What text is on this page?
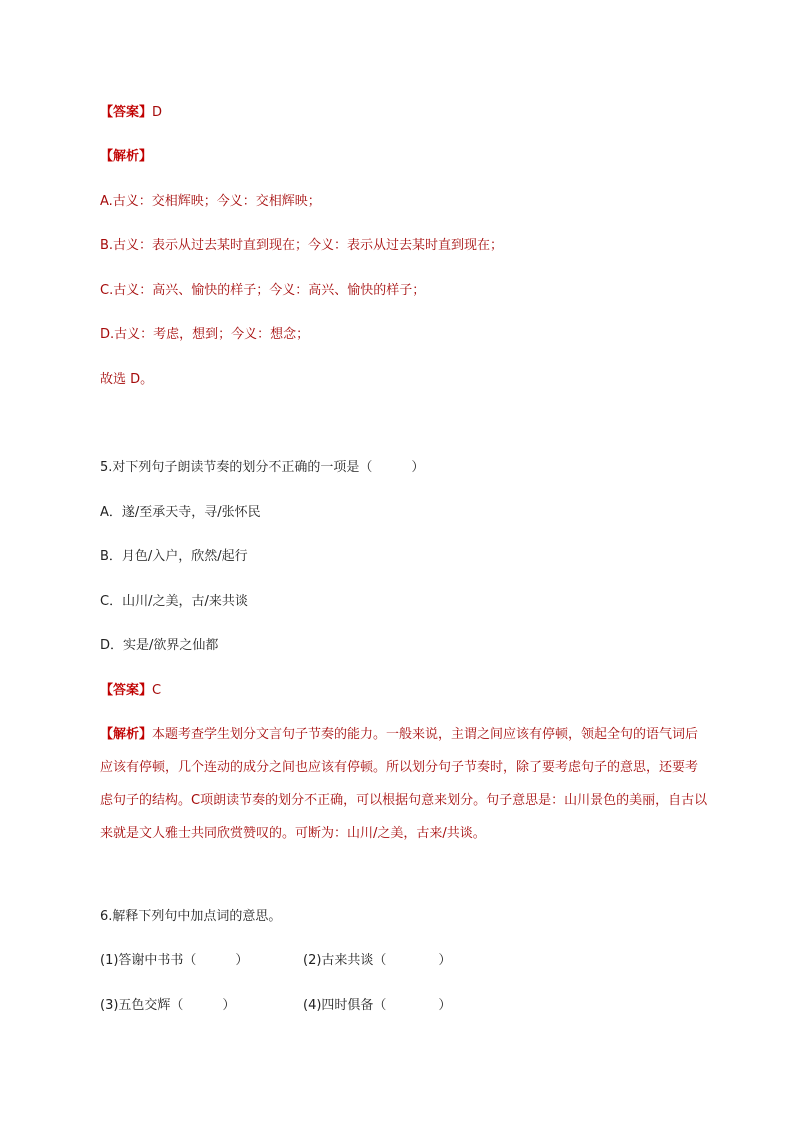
【答案】D
【解析】
A.古义：交相辉映；今义：交相辉映；
B.古义：表示从过去某时直到现在；今义：表示从过去某时直到现在；
C.古义：高兴、愉快的样子；今义：高兴、愉快的样子；
D.古义：考虑，想到；今义：想念；
故选 D。
5.对下列句子朗读节奏的划分不正确的一项是（　　　）
A．遂/至承天寺，寻/张怀民
B．月色/入户，欣然/起行
C．山川/之美，古/来共谈
D．实是/欲界之仙都
【答案】C
【解析】本题考查学生划分文言句子节奏的能力。一般来说，主谓之间应该有停顿，领起全句的语气词后应该有停顿，几个连动的成分之间也应该有停顿。所以划分句子节奏时，除了要考虑句子的意思，还要考虑句子的结构。C项朗读节奏的划分不正确，可以根据句意来划分。句子意思是：山川景色的美丽，自古以来就是文人雅士共同欣赏赞叹的。可断为：山川/之美，古来/共谈。
6.解释下列句中加点词的意思。
(1)答谢中书书（　　　）	(2)古来共谈（　　　　）
(3)五色交辉（　　　）	(4)四时俱备（　　　　）
